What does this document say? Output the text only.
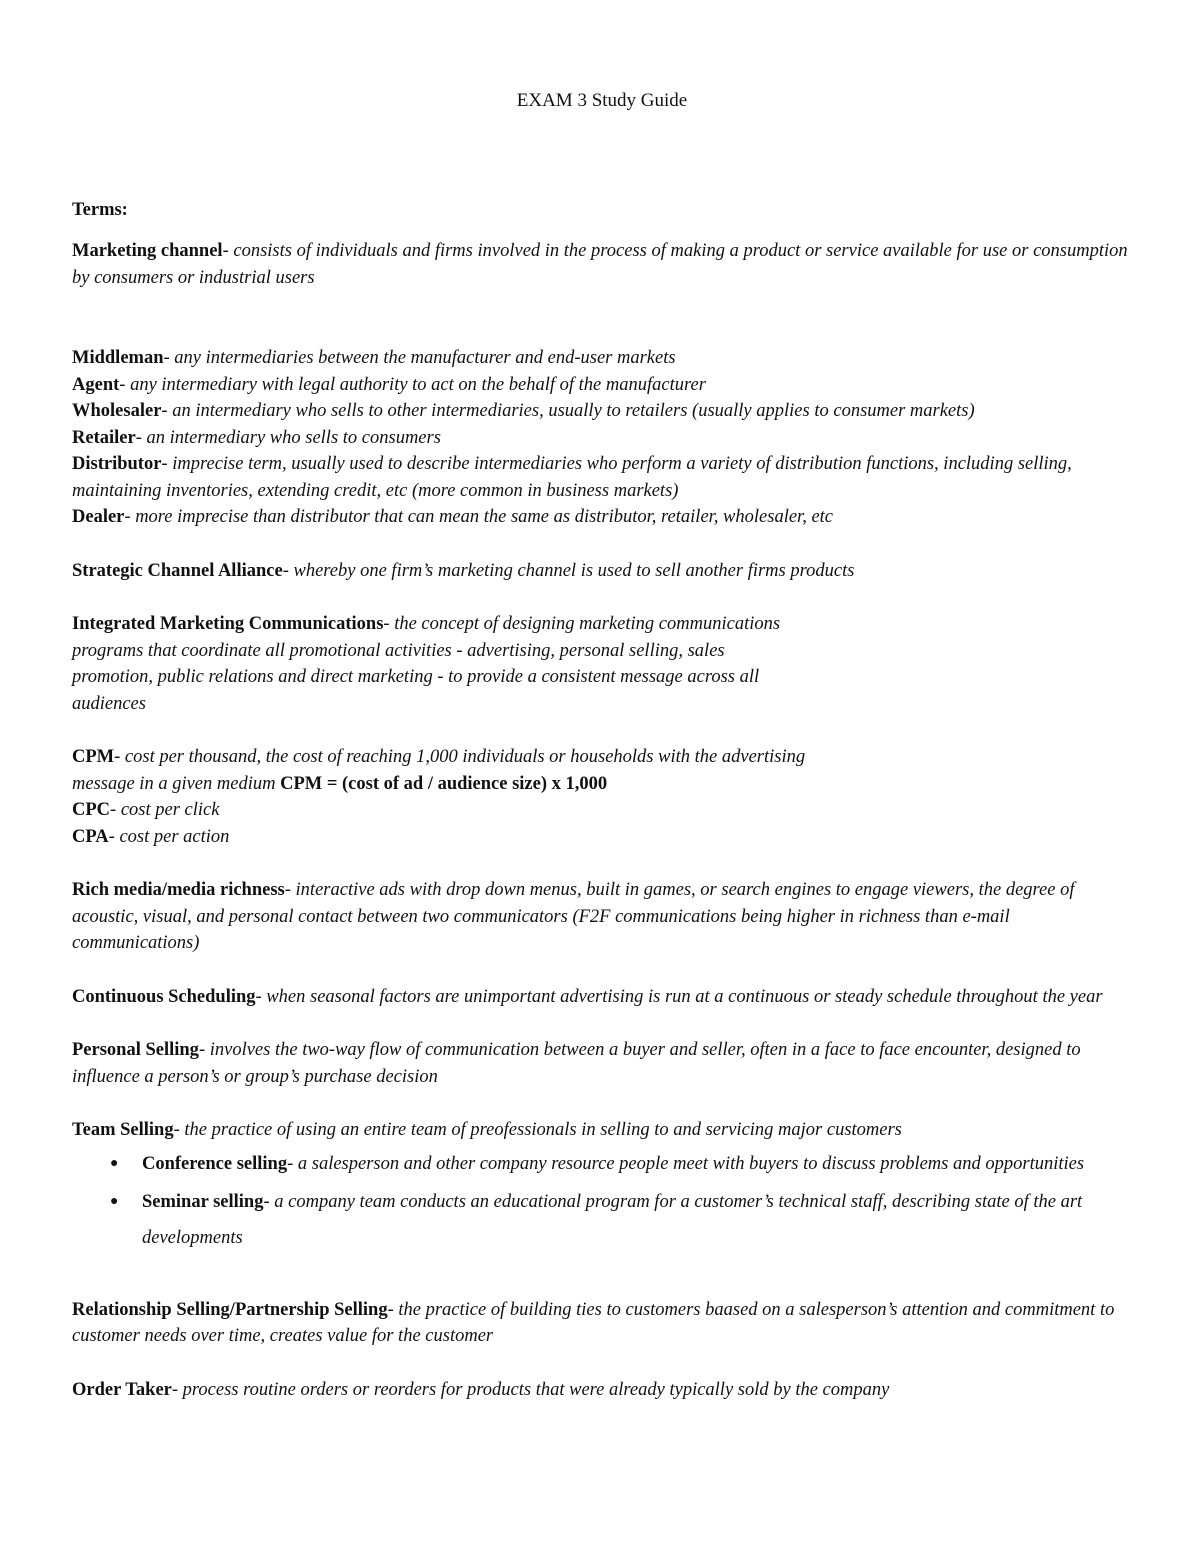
EXAM 3 Study Guide
Terms:

Marketing channel- consists of individuals and firms involved in the process of making a product or service available for use or consumption by consumers or industrial users

Middleman- any intermediaries between the manufacturer and end-user markets

Agent- any intermediary with legal authority to act on the behalf of the manufacturer

Wholesaler- an intermediary who sells to other intermediaries, usually to retailers (usually applies to consumer markets)

Retailer- an intermediary who sells to consumers

Distributor- imprecise term, usually used to describe intermediaries who perform a variety of distribution functions, including selling, maintaining inventories, extending credit, etc (more common in business markets)

Dealer- more imprecise than distributor that can mean the same as distributor, retailer, wholesaler, etc

Strategic Channel Alliance- whereby one firm’s marketing channel is used to sell another firms products

Integrated Marketing Communications- the concept of designing marketing communications
programs that coordinate all promotional activities - advertising, personal selling, sales
promotion, public relations and direct marketing - to provide a consistent message across all
audiences

CPM- cost per thousand, the cost of reaching 1,000 individuals or households with the advertising
message in a given medium CPM = (cost of ad / audience size) x 1,000

CPC- cost per click

CPA- cost per action

Rich media/media richness- interactive ads with drop down menus, built in games, or search engines to engage viewers, the degree of acoustic, visual, and personal contact between two communicators (F2F communications being higher in richness than e-mail communications)

Continuous Scheduling- when seasonal factors are unimportant advertising is run at a continuous or steady schedule throughout the year

Personal Selling- involves the two-way flow of communication between a buyer and seller, often in a face to face encounter, designed to influence a person’s or group’s purchase decision

Team Selling- the practice of using an entire team of preofessionals in selling to and servicing major customers

● Conference selling- a salesperson and other company resource people meet with buyers to discuss problems and opportunities
● Seminar selling- a company team conducts an educational program for a customer’s technical staff, describing state of the art developments

Relationship Selling/Partnership Selling- the practice of building ties to customers baased on a salesperson’s attention and commitment to customer needs over time, creates value for the customer

Order Taker- process routine orders or reorders for products that were already typically sold by the company
